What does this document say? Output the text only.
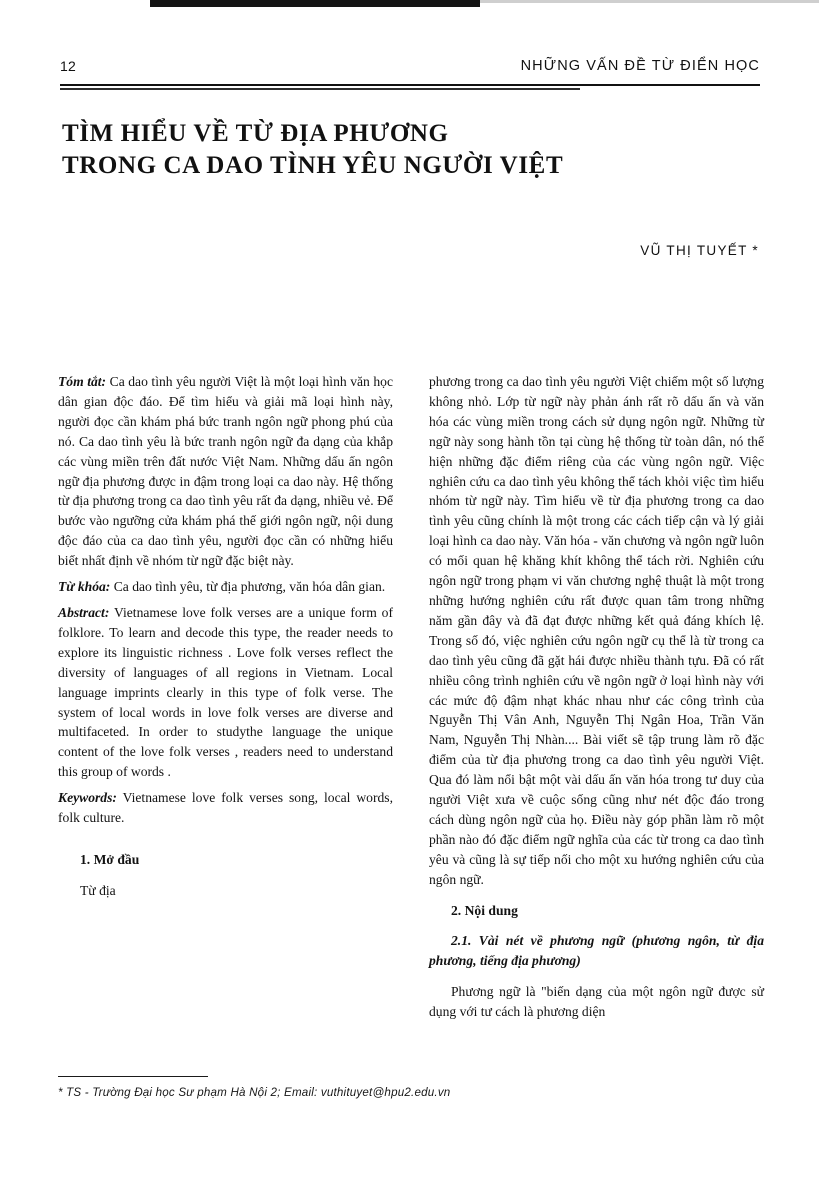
12	NHỮNG VẤN ĐỀ TỪ ĐIỂN HỌC
TÌM HIỂU VỀ TỪ ĐỊA PHƯƠNG
TRONG CA DAO TÌNH YÊU NGƯỜI VIỆT
VŨ THỊ TUYẾT *

Tóm tắt: Ca dao tình yêu người Việt là một loại hình văn học dân gian độc đáo. Để tìm hiểu và giải mã loại hình này, người đọc cần khám phá bức tranh ngôn ngữ phong phú của nó. Ca dao tình yêu là bức tranh ngôn ngữ đa dạng của khắp các vùng miền trên đất nước Việt Nam. Những dấu ấn ngôn ngữ địa phương được in đậm trong loại ca dao này. Hệ thống từ địa phương trong ca dao tình yêu rất đa dạng, nhiều vẻ. Để bước vào ngưỡng cửa khám phá thế giới ngôn ngữ, nội dung độc đáo của ca dao tình yêu, người đọc cần có những hiểu biết nhất định về nhóm từ ngữ đặc biệt này.

Từ khóa: Ca dao tình yêu, từ địa phương, văn hóa dân gian.

Abstract: Vietnamese love folk verses are a unique form of folklore. To learn and decode this type, the reader needs to explore its linguistic richness . Love folk verses reflect the diversity of languages of all regions in Vietnam. Local language imprints clearly in this type of folk verse. The system of local words in love folk verses are diverse and multifaceted. In order to studythe language the unique content of the love folk verses , readers need to understand this group of words .

Keywords: Vietnamese love folk verses song, local words, folk culture.

1. Mở đầu

Từ địa

phương trong ca dao tình yêu người Việt chiếm một số lượng không nhỏ. Lớp từ ngữ này phản ánh rất rõ dấu ấn và văn hóa các vùng miền trong cách sử dụng ngôn ngữ. Những từ ngữ này song hành tồn tại cùng hệ thống từ toàn dân, nó thể hiện những đặc điểm riêng của các vùng ngôn ngữ. Việc nghiên cứu ca dao tình yêu không thể tách khỏi việc tìm hiểu nhóm từ ngữ này. Tìm hiểu về từ địa phương trong ca dao tình yêu cũng chính là một trong các cách tiếp cận và lý giải loại hình ca dao này. Văn hóa - văn chương và ngôn ngữ luôn có mối quan hệ khăng khít không thể tách rời. Nghiên cứu ngôn ngữ trong phạm vi văn chương nghệ thuật là một trong những hướng nghiên cứu rất được quan tâm trong những năm gần đây và đã đạt được những kết quả đáng khích lệ. Trong số đó, việc nghiên cứu ngôn ngữ cụ thể là từ trong ca dao tình yêu cũng đã gặt hái được nhiều thành tựu. Đã có rất nhiều công trình nghiên cứu về ngôn ngữ ở loại hình này với các mức độ đậm nhạt khác nhau như các công trình của Nguyễn Thị Vân Anh, Nguyễn Thị Ngân Hoa, Trần Văn Nam, Nguyễn Thị Nhàn.... Bài viết sẽ tập trung làm rõ đặc điểm của từ địa phương trong ca dao tình yêu người Việt. Qua đó làm nổi bật một vài dấu ấn văn hóa trong tư duy của người Việt xưa về cuộc sống cũng như nét độc đáo trong cách dùng ngôn ngữ của họ. Điều này góp phần làm rõ một phần nào đó đặc điểm ngữ nghĩa của các từ trong ca dao tình yêu và cũng là sự tiếp nối cho một xu hướng nghiên cứu của ngôn ngữ.

2. Nội dung

2.1. Vài nét về phương ngữ (phương ngôn, từ địa phương, tiếng địa phương)

Phương ngữ là "biến dạng của một ngôn ngữ được sử dụng với tư cách là phương diện

* TS - Trường Đại học Sư phạm Hà Nội 2; Email: vuthituyet@hpu2.edu.vn
